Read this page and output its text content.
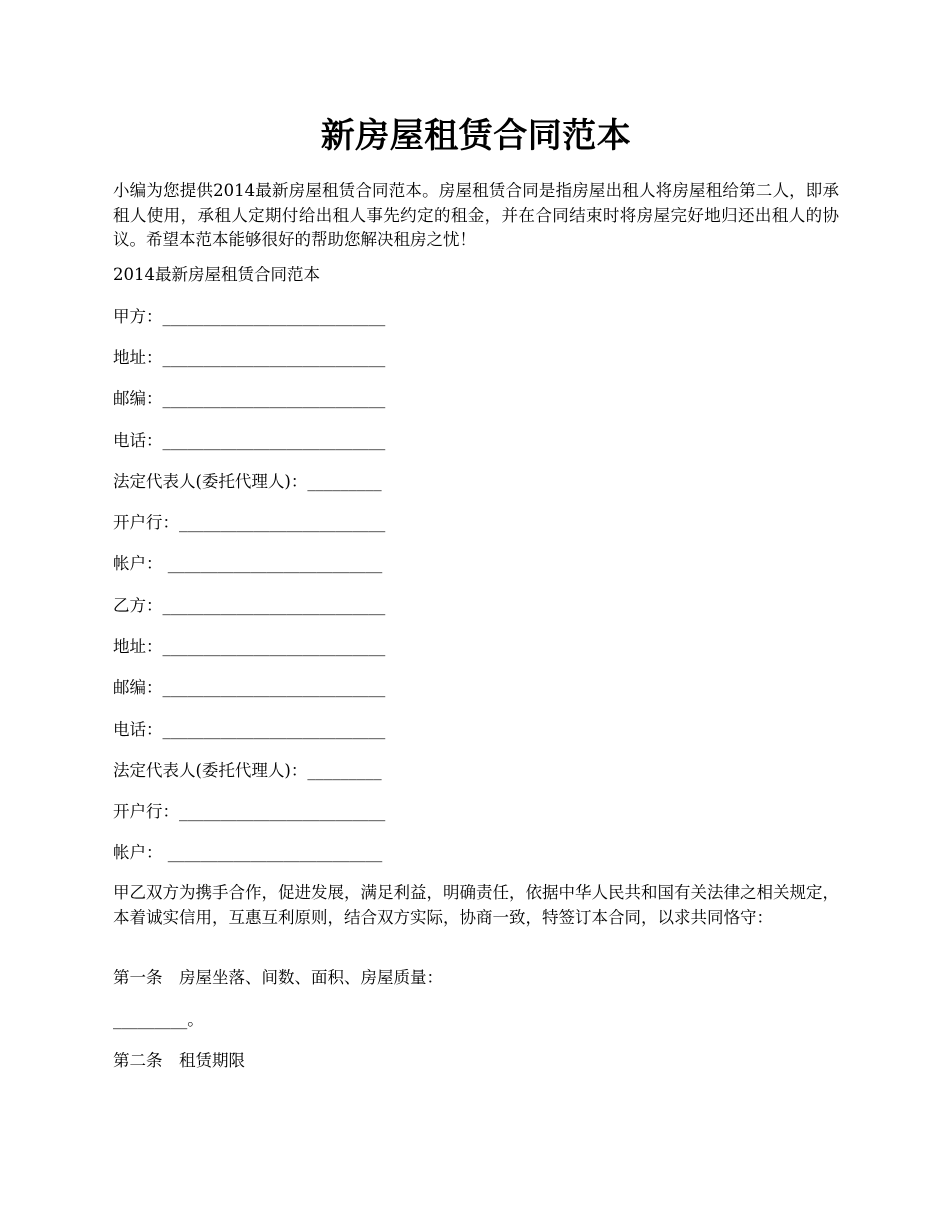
新房屋租赁合同范本

小编为您提供2014最新房屋租赁合同范本。房屋租赁合同是指房屋出租人将房屋租给第二人，即承租人使用，承租人定期付给出租人事先约定的租金，并在合同结束时将房屋完好地归还出租人的协议。希望本范本能够很好的帮助您解决租房之忧！

2014最新房屋租赁合同范本

甲方：___________________________

地址：___________________________

邮编：___________________________

电话：___________________________

法定代表人(委托代理人)：_________

开户行：_________________________

帐户： __________________________

乙方：___________________________

地址：___________________________

邮编：___________________________

电话：___________________________

法定代表人(委托代理人)：_________

开户行：_________________________

帐户： __________________________

甲乙双方为携手合作，促进发展，满足利益，明确责任，依据中华人民共和国有关法律之相关规定，本着诚实信用，互惠互利原则，结合双方实际，协商一致，特签订本合同，以求共同恪守：

第一条　房屋坐落、间数、面积、房屋质量：

_________。

第二条　租赁期限
